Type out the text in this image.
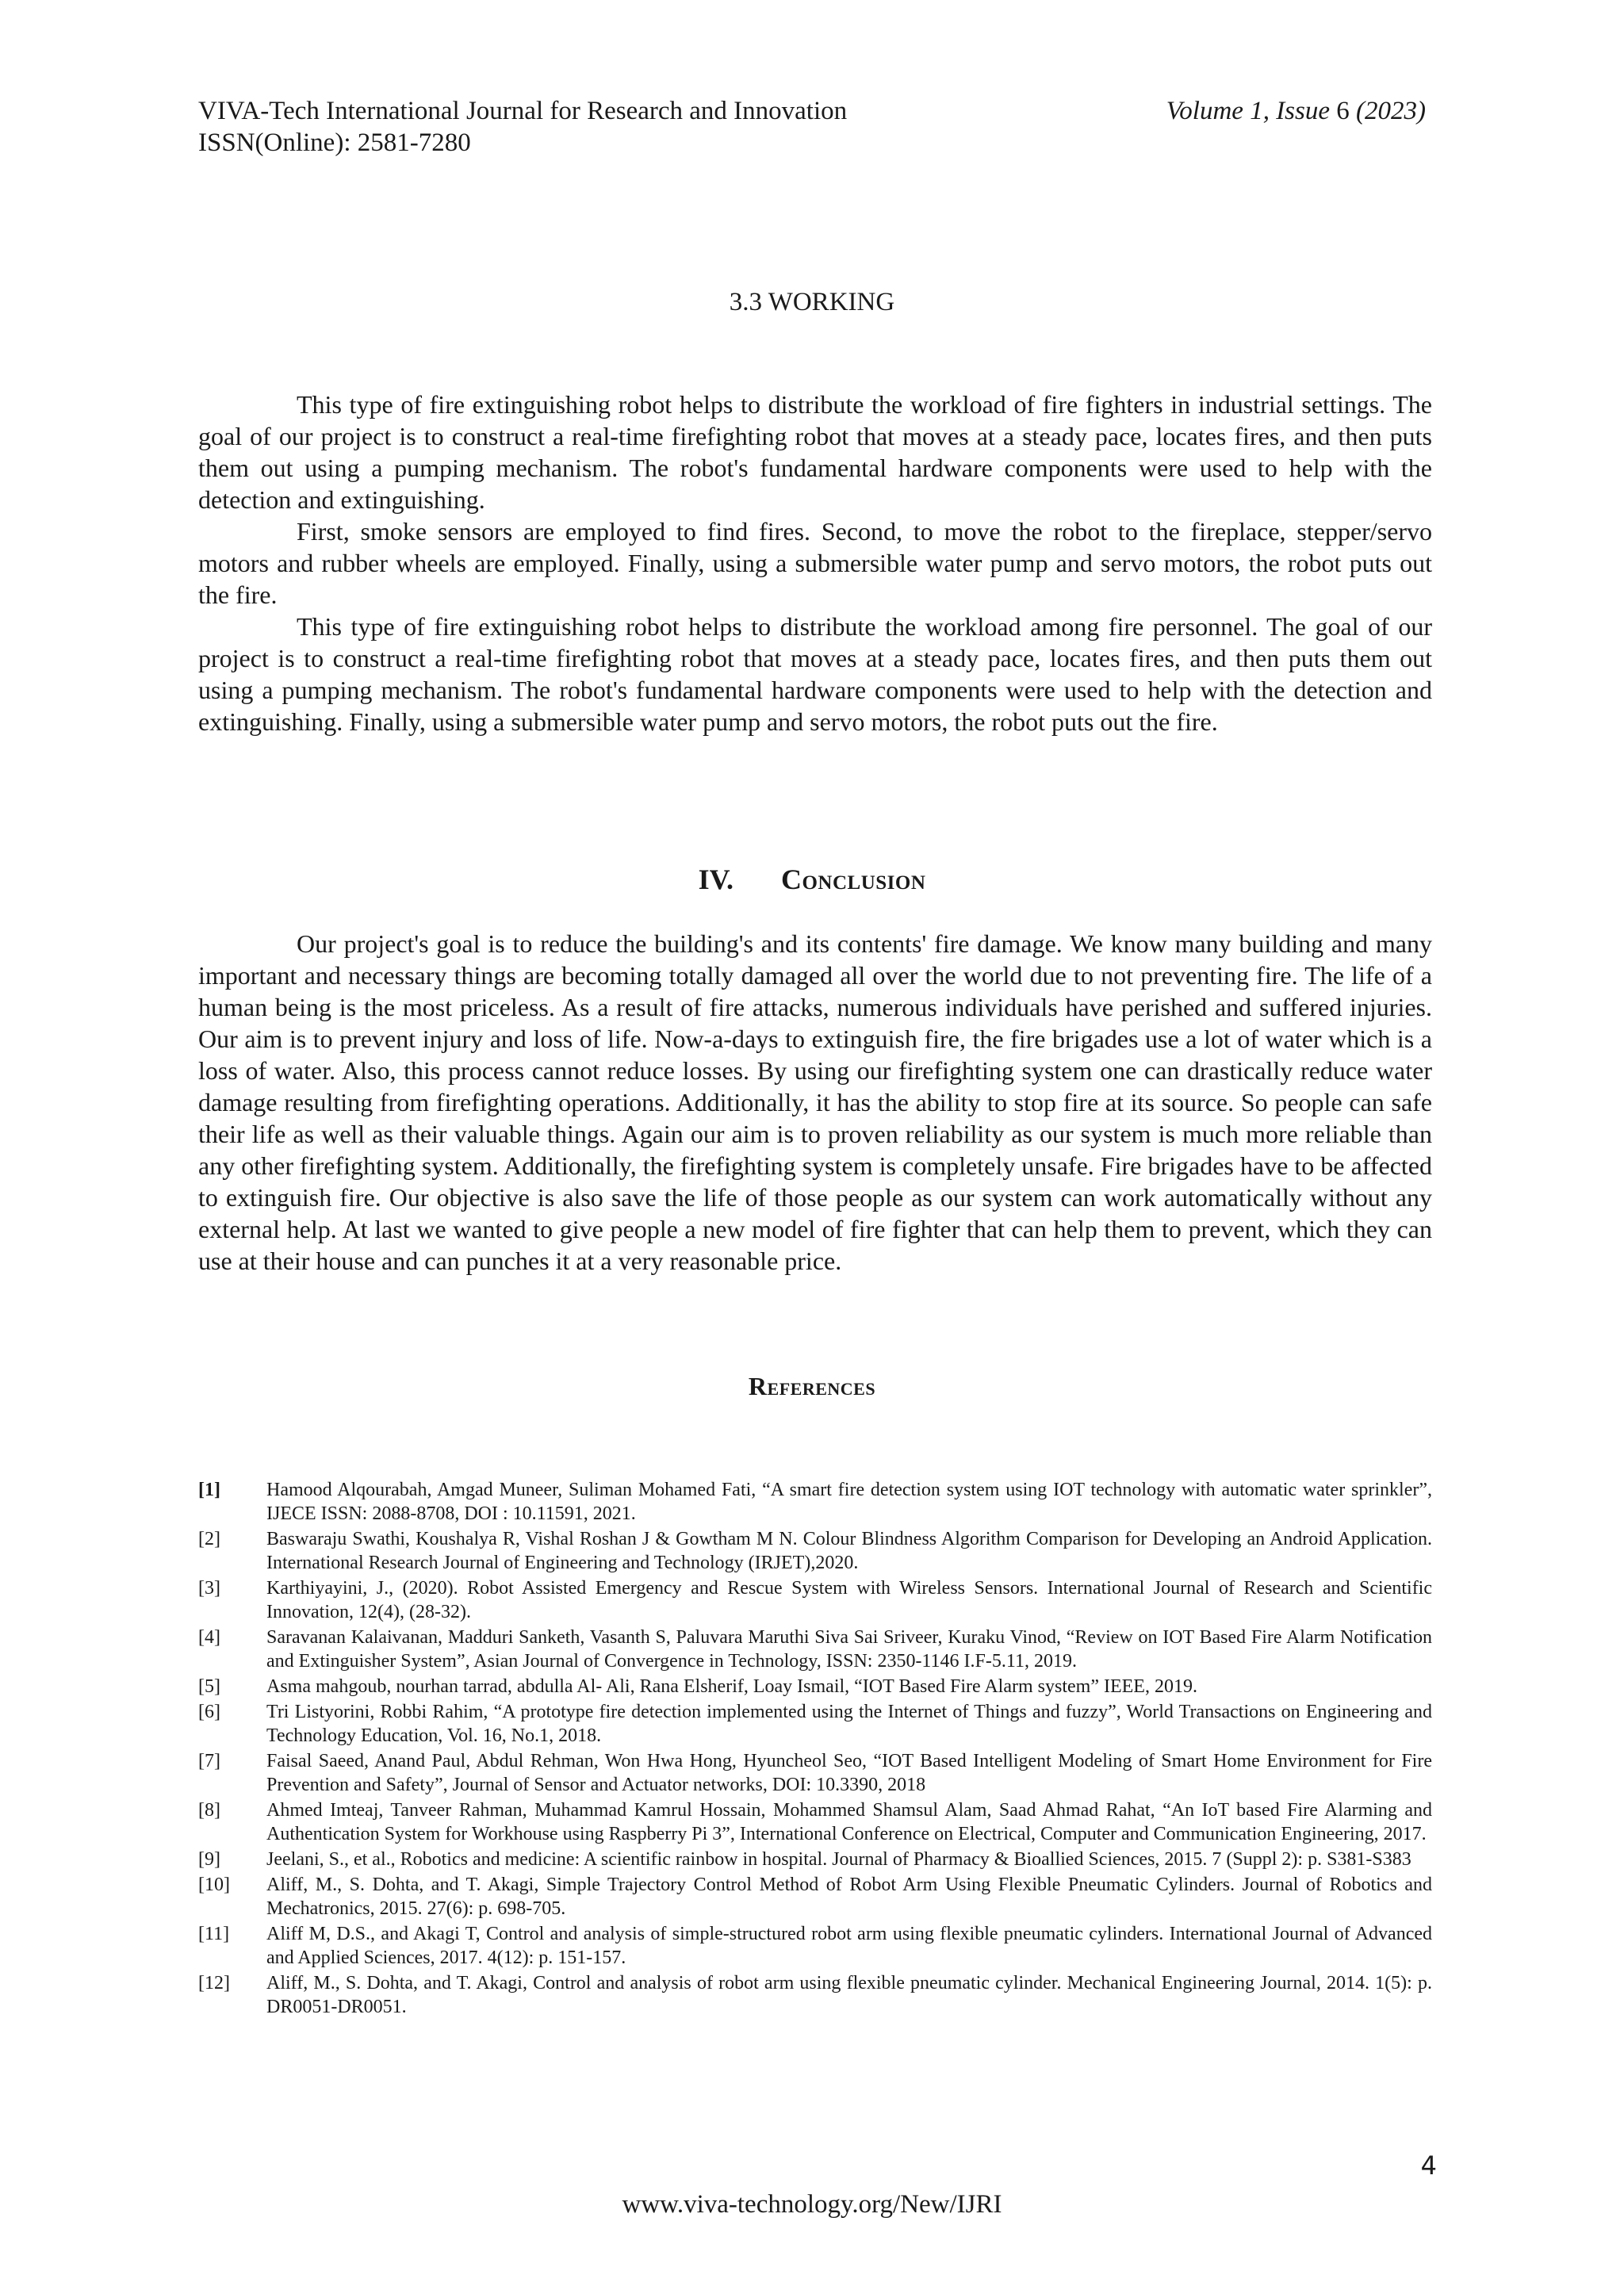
VIVA-Tech International Journal for Research and Innovation
ISSN(Online): 2581-7280
Volume 1, Issue 6 (2023)
3.3 WORKING

This type of fire extinguishing robot helps to distribute the workload of fire fighters in industrial settings. The goal of our project is to construct a real-time firefighting robot that moves at a steady pace, locates fires, and then puts them out using a pumping mechanism. The robot's fundamental hardware components were used to help with the detection and extinguishing.

First, smoke sensors are employed to find fires. Second, to move the robot to the fireplace, stepper/servo motors and rubber wheels are employed. Finally, using a submersible water pump and servo motors, the robot puts out the fire.

This type of fire extinguishing robot helps to distribute the workload among fire personnel. The goal of our project is to construct a real-time firefighting robot that moves at a steady pace, locates fires, and then puts them out using a pumping mechanism. The robot's fundamental hardware components were used to help with the detection and extinguishing. Finally, using a submersible water pump and servo motors, the robot puts out the fire.

IV. Conclusion

Our project's goal is to reduce the building's and its contents' fire damage. We know many building and many important and necessary things are becoming totally damaged all over the world due to not preventing fire. The life of a human being is the most priceless. As a result of fire attacks, numerous individuals have perished and suffered injuries. Our aim is to prevent injury and loss of life. Now-a-days to extinguish fire, the fire brigades use a lot of water which is a loss of water. Also, this process cannot reduce losses. By using our firefighting system one can drastically reduce water damage resulting from firefighting operations. Additionally, it has the ability to stop fire at its source. So people can safe their life as well as their valuable things. Again our aim is to proven reliability as our system is much more reliable than any other firefighting system. Additionally, the firefighting system is completely unsafe. Fire brigades have to be affected to extinguish fire. Our objective is also save the life of those people as our system can work automatically without any external help. At last we wanted to give people a new model of fire fighter that can help them to prevent, which they can use at their house and can punches it at a very reasonable price.

References
[1] Hamood Alqourabah, Amgad Muneer, Suliman Mohamed Fati, “A smart fire detection system using IOT technology with automatic water sprinkler”, IJECE ISSN: 2088-8708, DOI : 10.11591, 2021.
[2] Baswaraju Swathi, Koushalya R, Vishal Roshan J & Gowtham M N. Colour Blindness Algorithm Comparison for Developing an Android Application. International Research Journal of Engineering and Technology (IRJET),2020.
[3] Karthiyayini, J., (2020). Robot Assisted Emergency and Rescue System with Wireless Sensors. International Journal of Research and Scientific Innovation, 12(4), (28-32).
[4] Saravanan Kalaivanan, Madduri Sanketh, Vasanth S, Paluvara Maruthi Siva Sai Sriveer, Kuraku Vinod, “Review on IOT Based Fire Alarm Notification and Extinguisher System”, Asian Journal of Convergence in Technology, ISSN: 2350-1146 I.F-5.11, 2019.
[5] Asma mahgoub, nourhan tarrad, abdulla Al- Ali, Rana Elsherif, Loay Ismail, “IOT Based Fire Alarm system” IEEE, 2019.
[6] Tri Listyorini, Robbi Rahim, “A prototype fire detection implemented using the Internet of Things and fuzzy”, World Transactions on Engineering and Technology Education, Vol. 16, No.1, 2018.
[7] Faisal Saeed, Anand Paul, Abdul Rehman, Won Hwa Hong, Hyuncheol Seo, “IOT Based Intelligent Modeling of Smart Home Environment for Fire Prevention and Safety”, Journal of Sensor and Actuator networks, DOI: 10.3390, 2018
[8] Ahmed Imteaj, Tanveer Rahman, Muhammad Kamrul Hossain, Mohammed Shamsul Alam, Saad Ahmad Rahat, “An IoT based Fire Alarming and Authentication System for Workhouse using Raspberry Pi 3”, International Conference on Electrical, Computer and Communication Engineering, 2017.
[9] Jeelani, S., et al., Robotics and medicine: A scientific rainbow in hospital. Journal of Pharmacy & Bioallied Sciences, 2015. 7 (Suppl 2): p. S381-S383
[10] Aliff, M., S. Dohta, and T. Akagi, Simple Trajectory Control Method of Robot Arm Using Flexible Pneumatic Cylinders. Journal of Robotics and Mechatronics, 2015. 27(6): p. 698-705.
[11] Aliff M, D.S., and Akagi T, Control and analysis of simple-structured robot arm using flexible pneumatic cylinders. International Journal of Advanced and Applied Sciences, 2017. 4(12): p. 151-157.
[12] Aliff, M., S. Dohta, and T. Akagi, Control and analysis of robot arm using flexible pneumatic cylinder. Mechanical Engineering Journal, 2014. 1(5): p. DR0051-DR0051.
4
www.viva-technology.org/New/IJRI
